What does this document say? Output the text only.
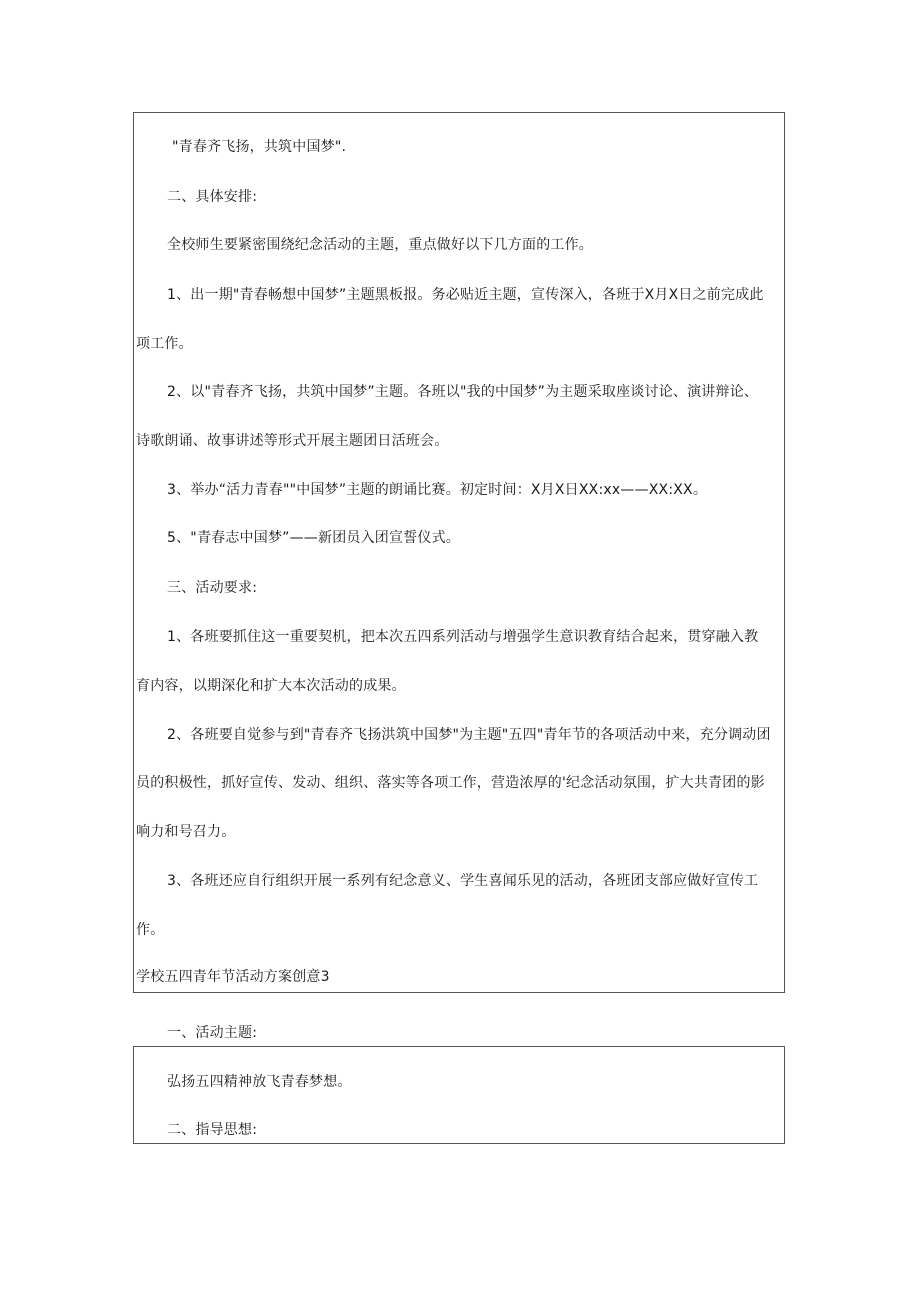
"青春齐飞扬，共筑中国梦".

二、具体安排:

全校师生要紧密围绕纪念活动的主题，重点做好以下几方面的工作。

1、出一期"青春畅想中国梦”主题黑板报。务必贴近主题，宣传深入，各班于X月X日之前完成此

项工作。

2、以"青春齐飞扬，共筑中国梦”主题。各班以"我的中国梦”为主题采取座谈讨论、演讲辩论、

诗歌朗诵、故事讲述等形式开展主题团日活班会。

3、举办“活力青春""中国梦”主题的朗诵比赛。初定时间：X月X日XX:xx——XX:XX。

5、"青春志中国梦”——新团员入团宣誓仪式。

三、活动要求:

1、各班要抓住这一重要契机，把本次五四系列活动与增强学生意识教育结合起来，贯穿融入教

育内容，以期深化和扩大本次活动的成果。

2、各班要自觉参与到"青春齐飞扬洪筑中国梦"为主题"五四"青年节的各项活动中来，充分调动团

员的积极性，抓好宣传、发动、组织、落实等各项工作，营造浓厚的'纪念活动氛围，扩大共青团的影

响力和号召力。

3、各班还应自行组织开展一系列有纪念意义、学生喜闻乐见的活动，各班团支部应做好宣传工

作。

学校五四青年节活动方案创意3

一、活动主题:

弘扬五四精神放飞青春梦想。

二、指导思想:
